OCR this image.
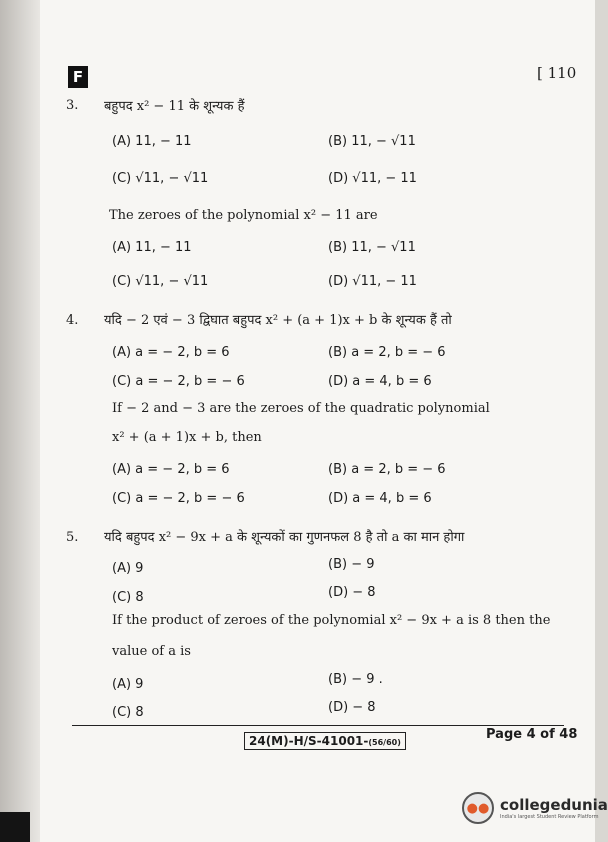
F	[ 110
3. बहुपद x² − 11 के शून्यक हैं
(A) 11, − 11	(B) 11, − √11
(C) √11, − √11	(D) √11, − 11
The zeroes of the polynomial x² − 11 are
(A) 11, − 11	(B) 11, − √11
(C) √11, − √11	(D) √11, − 11
4. यदि − 2 एवं − 3 द्विघात बहुपद x² + (a + 1)x + b के शून्यक हैं तो
(A) a = − 2, b = 6	(B) a = 2, b = − 6
(C) a = − 2, b = − 6	(D) a = 4, b = 6
If − 2 and − 3 are the zeroes of the quadratic polynomial
x² + (a + 1)x + b, then
(A) a = − 2, b = 6	(B) a = 2, b = − 6
(C) a = − 2, b = − 6	(D) a = 4, b = 6
5. यदि बहुपद x² − 9x + a के शून्यकों का गुणनफल 8 है तो a का मान होगा
(A) 9	(B) − 9
(C) 8	(D) − 8
If the product of zeroes of the polynomial x² − 9x + a is 8 then the
value of a is
(A) 9	(B) − 9 .
(C) 8	(D) − 8
24(M)-H/S-41001-(56/60)
Page 4 of 48
●● collegedunia
India's largest Student Review Platform
